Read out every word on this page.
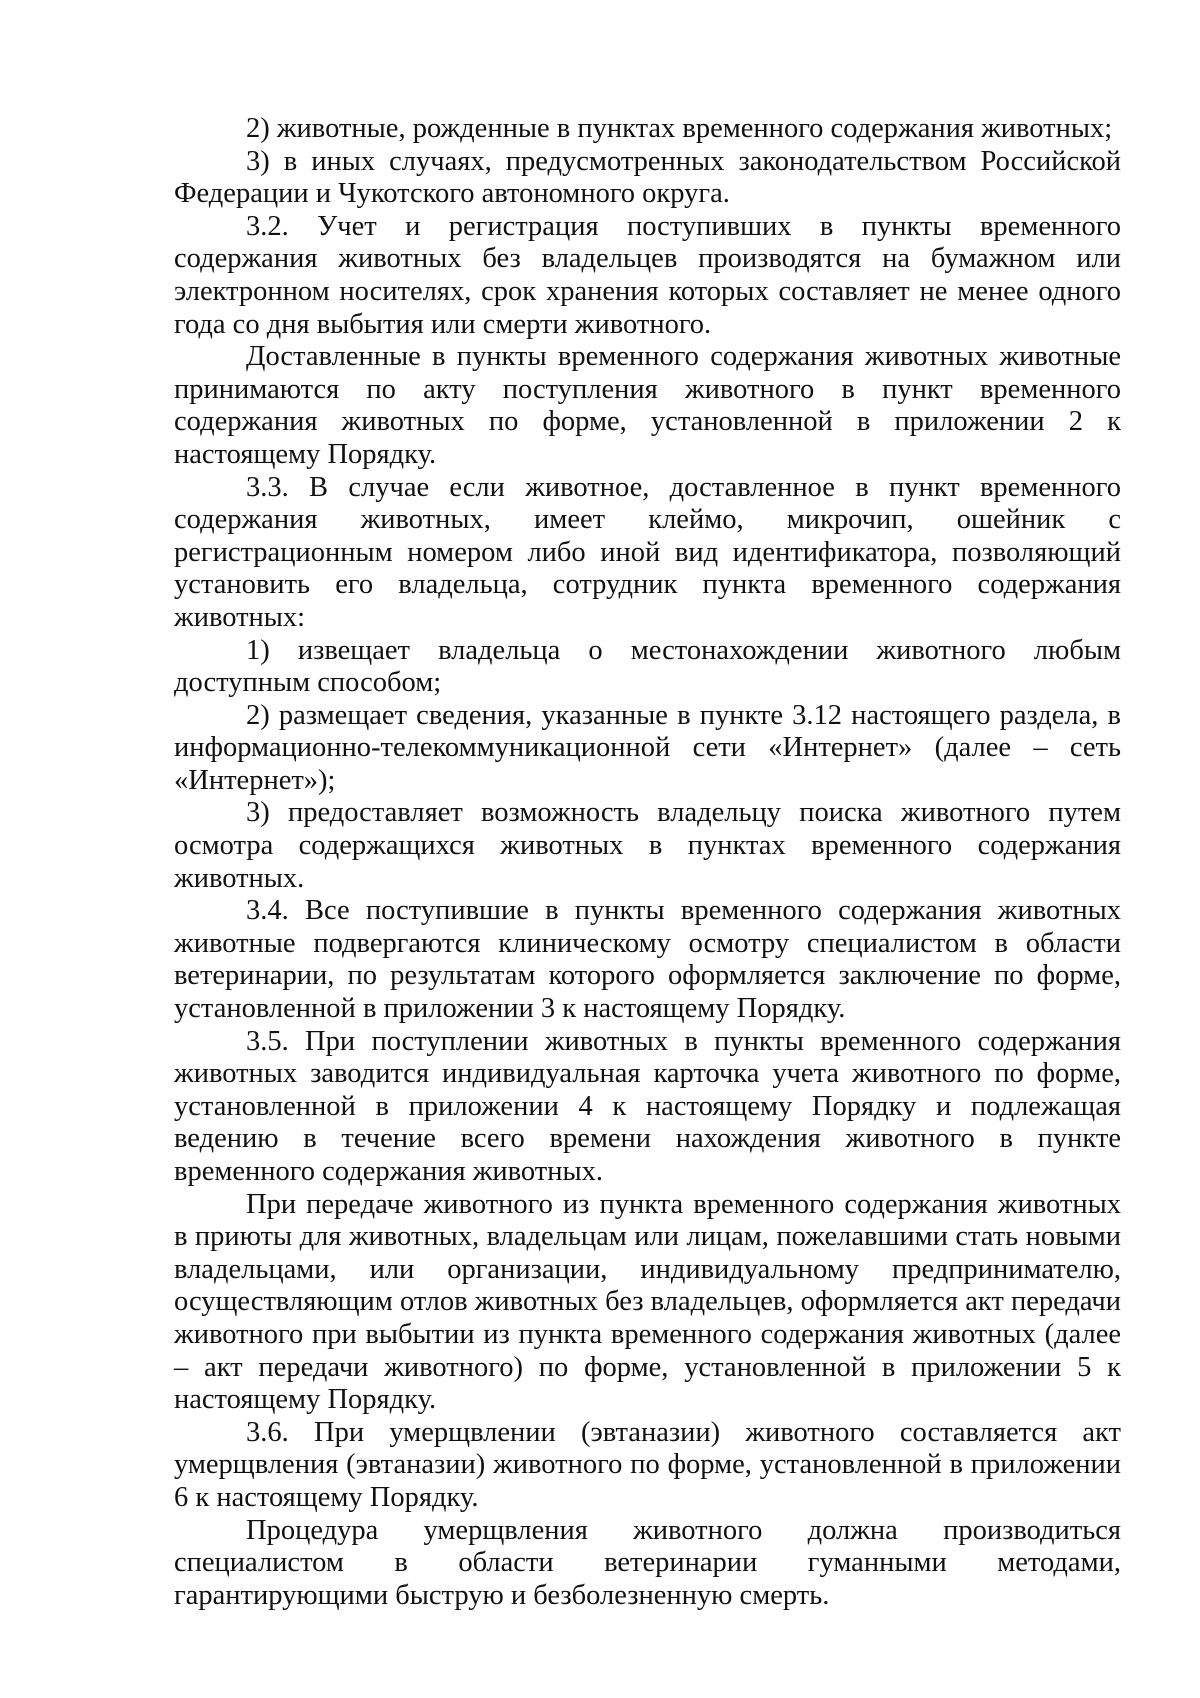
2) животные, рожденные в пунктах временного содержания животных;

3) в иных случаях, предусмотренных законодательством Российской Федерации и Чукотского автономного округа.

3.2. Учет и регистрация поступивших в пункты временного содержания животных без владельцев производятся на бумажном или электронном носителях, срок хранения которых составляет не менее одного года со дня выбытия или смерти животного.

Доставленные в пункты временного содержания животных животные принимаются по акту поступления животного в пункт временного содержания животных по форме, установленной в приложении 2 к настоящему Порядку.

3.3. В случае если животное, доставленное в пункт временного содержания животных, имеет клеймо, микрочип, ошейник с регистрационным номером либо иной вид идентификатора, позволяющий установить его владельца, сотрудник пункта временного содержания животных:

1) извещает владельца о местонахождении животного любым доступным способом;

2) размещает сведения, указанные в пункте 3.12 настоящего раздела, в информационно-телекоммуникационной сети «Интернет» (далее – сеть «Интернет»);

3) предоставляет возможность владельцу поиска животного путем осмотра содержащихся животных в пунктах временного содержания животных.

3.4. Все поступившие в пункты временного содержания животных животные подвергаются клиническому осмотру специалистом в области ветеринарии, по результатам которого оформляется заключение по форме, установленной в приложении 3 к настоящему Порядку.

3.5. При поступлении животных в пункты временного содержания животных заводится индивидуальная карточка учета животного по форме, установленной в приложении 4 к настоящему Порядку и подлежащая ведению в течение всего времени нахождения животного в пункте временного содержания животных.

При передаче животного из пункта временного содержания животных в приюты для животных, владельцам или лицам, пожелавшими стать новыми владельцами, или организации, индивидуальному предпринимателю, осуществляющим отлов животных без владельцев, оформляется акт передачи животного при выбытии из пункта временного содержания животных (далее – акт передачи животного) по форме, установленной в приложении 5 к настоящему Порядку.

3.6. При умерщвлении (эвтаназии) животного составляется акт умерщвления (эвтаназии) животного по форме, установленной в приложении 6 к настоящему Порядку.

Процедура умерщвления животного должна производиться специалистом в области ветеринарии гуманными методами, гарантирующими быструю и безболезненную смерть.
